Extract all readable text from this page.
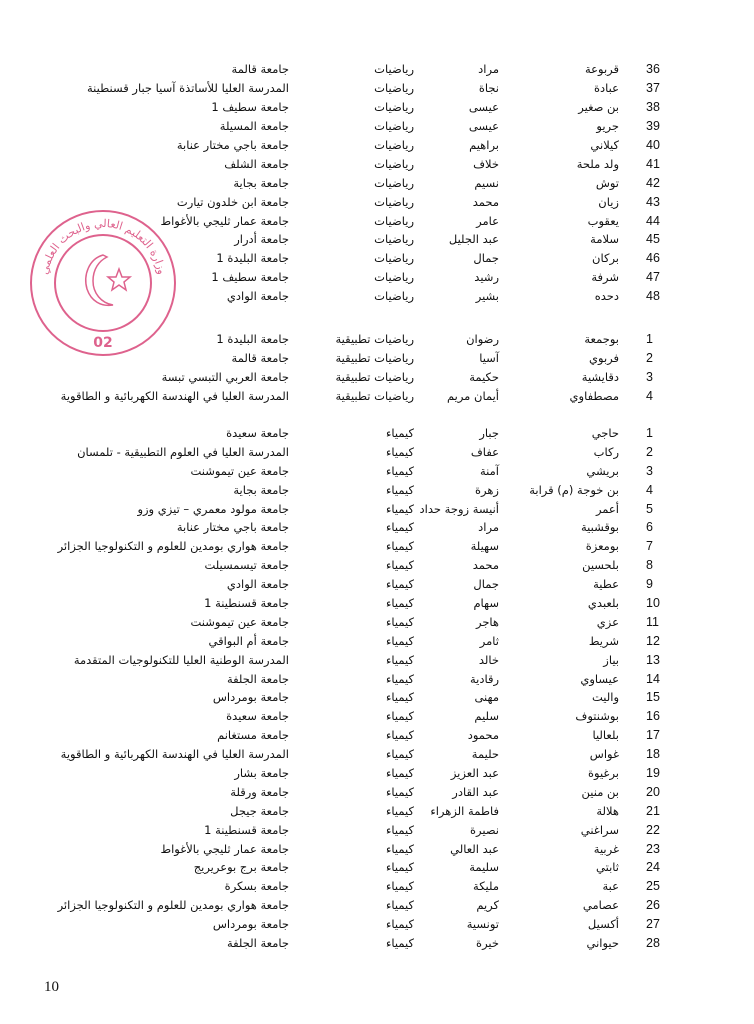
36
قربوعة
مراد
رياضيات
جامعة قالمة
37
عبادة
نجاة
رياضيات
المدرسة العليا للأساتذة آسيا جبار قسنطينة
38
بن صغير
عيسى
رياضيات
جامعة سطيف 1
39
جريو
عيسى
رياضيات
جامعة المسيلة
40
كيلاني
براهيم
رياضيات
جامعة باجي مختار عنابة
41
ولد ملحة
خلاف
رياضيات
جامعة الشلف
42
توش
نسيم
رياضيات
جامعة بجاية
43
زيان
محمد
رياضيات
جامعة ابن خلدون تيارت
44
يعقوب
عامر
رياضيات
جامعة عمار ثليجي بالأغواط
45
سلامة
عبد الجليل
رياضيات
جامعة أدرار
46
بركان
جمال
رياضيات
جامعة البليدة 1
47
شرفة
رشيد
رياضيات
جامعة سطيف 1
48
دحده
بشير
رياضيات
جامعة الوادي
1
بوجمعة
رضوان
رياضيات تطبيقية
جامعة البليدة 1
2
فربوي
آسيا
رياضيات تطبيقية
جامعة قالمة
3
دقايشية
حكيمة
رياضيات تطبيقية
جامعة العربي التبسي تبسة
4
مصطفاوي
أيمان مريم
رياضيات تطبيقية
المدرسة العليا في الهندسة الكهربائية و الطاقوية
1
حاجي
جبار
كيمياء
جامعة سعيدة
2
ركاب
عفاف
كيمياء
المدرسة العليا في العلوم التطبيقية - تلمسان
3
بريشي
آمنة
كيمياء
جامعة عين تيموشنت
4
بن خوجة (م) قرابة
زهرة
كيمياء
جامعة بجاية
5
أعمر
أنيسة زوجة حداد
كيمياء
جامعة مولود معمري – تيزي وزو
6
بوقشبية
مراد
كيمياء
جامعة باجي مختار عنابة
7
بومعزة
سهيلة
كيمياء
جامعة هواري بومدين للعلوم و التكنولوجيا الجزائر
8
بلحسين
محمد
كيمياء
جامعة تيسمسيلت
9
عطية
جمال
كيمياء
جامعة الوادي
10
بلعبدي
سهام
كيمياء
جامعة قسنطينة 1
11
عزي
هاجر
كيمياء
جامعة عين تيموشنت
12
شريط
ثامر
كيمياء
جامعة أم البواقي
13
بياز
خالد
كيمياء
المدرسة الوطنية العليا للتكنولوجيات المتقدمة
14
عيساوي
رقادية
كيمياء
جامعة الجلفة
15
واليت
مهنى
كيمياء
جامعة بومرداس
16
بوشنتوف
سليم
كيمياء
جامعة سعيدة
17
بلعاليا
محمود
كيمياء
جامعة مستغانم
18
غواس
حليمة
كيمياء
المدرسة العليا في الهندسة الكهربائية و الطاقوية
19
برغيوة
عبد العزيز
كيمياء
جامعة بشار
20
بن منين
عبد القادر
كيمياء
جامعة ورقلة
21
هلالة
فاطمة الزهراء
كيمياء
جامعة جيجل
22
سراغني
نصيرة
كيمياء
جامعة قسنطينة 1
23
غربية
عبد العالي
كيمياء
جامعة عمار ثليجي بالأغواط
24
ثابتي
سليمة
كيمياء
جامعة برج بوعريريج
25
عبة
مليكة
كيمياء
جامعة بسكرة
26
عصامي
كريم
كيمياء
جامعة هواري بومدين للعلوم و التكنولوجيا الجزائر
27
أكسيل
تونسية
كيمياء
جامعة بومرداس
28
حيواني
خيرة
كيمياء
جامعة الجلفة
وزارة التعليم العالي والبحث العلمي
02
10
